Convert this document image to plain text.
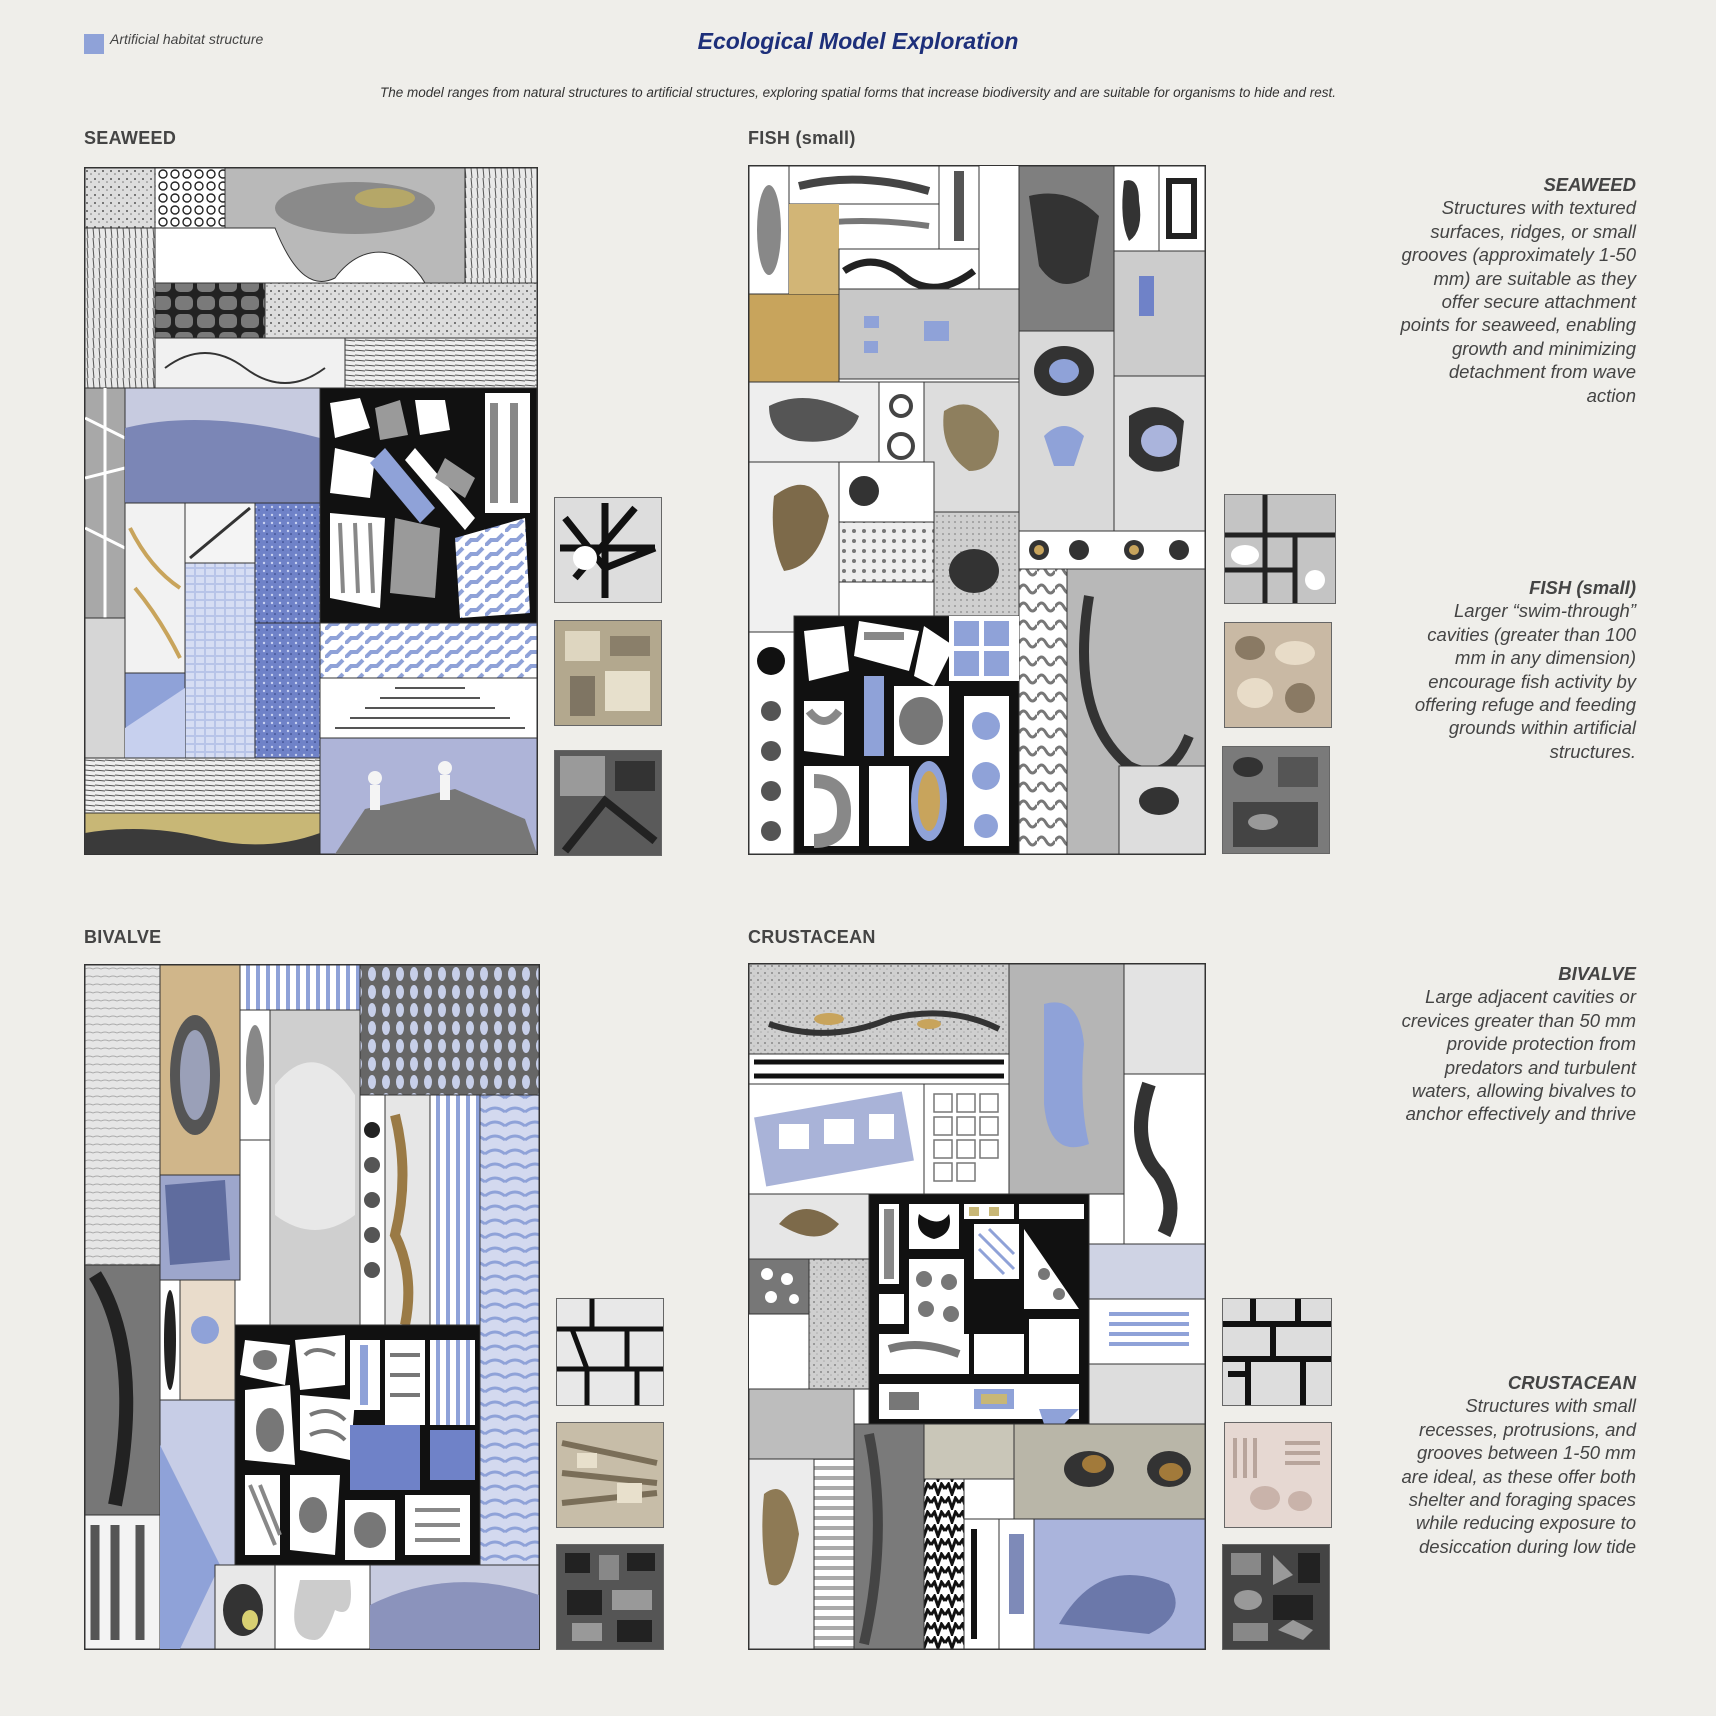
Artificial habitat structure	Ecological Model Exploration
The model ranges from natural structures to artificial structures, exploring spatial forms that increase biodiversity and are suitable for organisms to hide and rest.
SEAWEED	FISH (small)
BIVALVE	CRUSTACEAN
SEAWEED
Structures with textured surfaces, ridges, or small grooves (approximately 1-50 mm) are suitable as they offer secure attachment points for seaweed, enabling growth and minimizing detachment from wave action
FISH (small)
Larger “swim-through” cavities (greater than 100 mm in any dimension) encourage fish activity by offering refuge and feeding grounds within artificial structures.
BIVALVE
Large adjacent cavities or crevices greater than 50 mm provide protection from predators and turbulent waters, allowing bivalves to anchor effectively and thrive
CRUSTACEAN
Structures with small recesses, protrusions, and grooves between 1-50 mm are ideal, as these offer both shelter and foraging spaces while reducing exposure to desiccation during low tide
